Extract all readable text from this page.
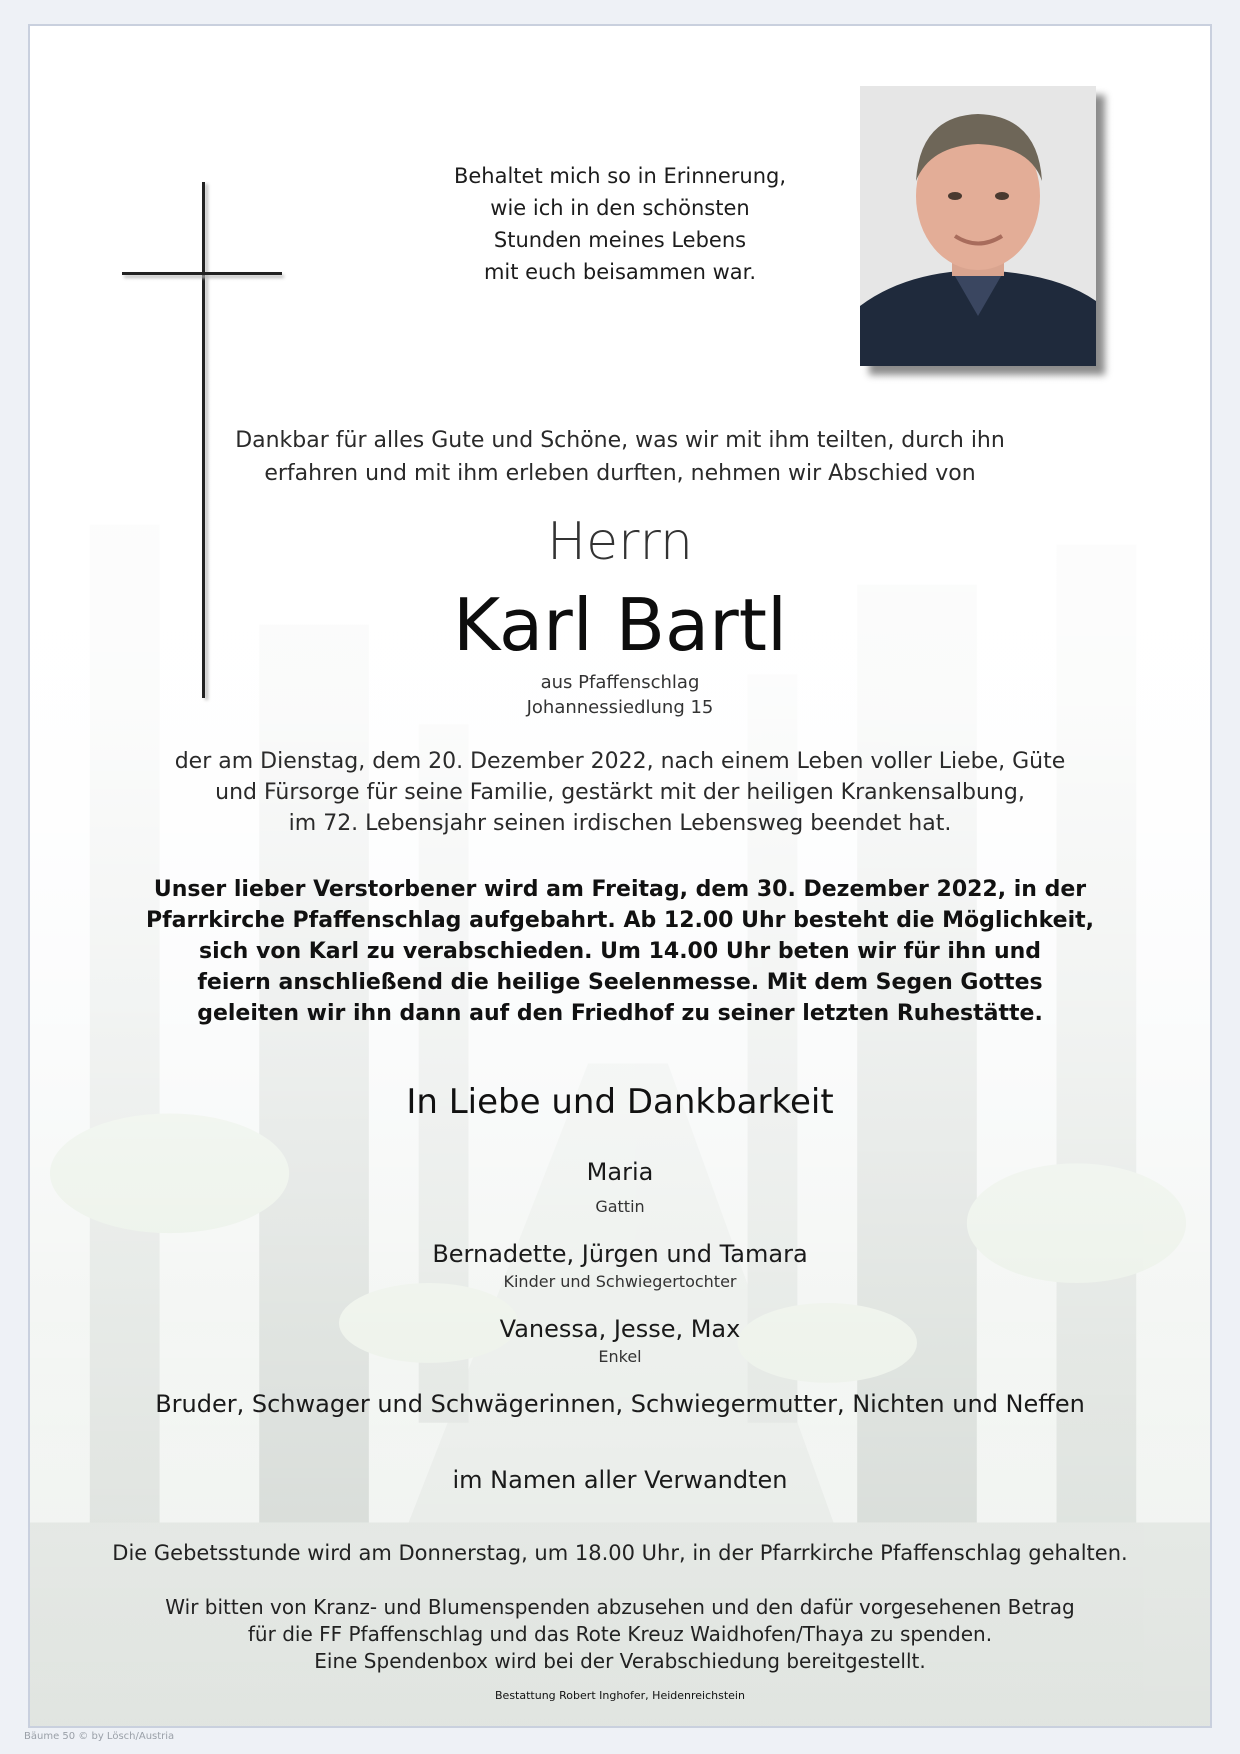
Behaltet mich so in Erinnerung,
wie ich in den schönsten
Stunden meines Lebens
mit euch beisammen war.
Dankbar für alles Gute und Schöne, was wir mit ihm teilten, durch ihn
erfahren und mit ihm erleben durften, nehmen wir Abschied von
Herrn
Karl Bartl
aus Pfaffenschlag
Johannessiedlung 15
der am Dienstag, dem 20. Dezember 2022, nach einem Leben voller Liebe, Güte
und Fürsorge für seine Familie, gestärkt mit der heiligen Krankensalbung,
im 72. Lebensjahr seinen irdischen Lebensweg beendet hat.
Unser lieber Verstorbener wird am Freitag, dem 30. Dezember 2022, in der
Pfarrkirche Pfaffenschlag aufgebahrt. Ab 12.00 Uhr besteht die Möglichkeit,
sich von Karl zu verabschieden. Um 14.00 Uhr beten wir für ihn und
feiern anschließend die heilige Seelenmesse. Mit dem Segen Gottes
geleiten wir ihn dann auf den Friedhof zu seiner letzten Ruhestätte.
In Liebe und Dankbarkeit
Maria
Gattin
Bernadette, Jürgen und Tamara
Kinder und Schwiegertochter
Vanessa, Jesse, Max
Enkel
Bruder, Schwager und Schwägerinnen, Schwiegermutter, Nichten und Neffen
im Namen aller Verwandten
Die Gebetsstunde wird am Donnerstag, um 18.00 Uhr, in der Pfarrkirche Pfaffenschlag gehalten.
Wir bitten von Kranz- und Blumenspenden abzusehen und den dafür vorgesehenen Betrag
für die FF Pfaffenschlag und das Rote Kreuz Waidhofen/Thaya zu spenden.
Eine Spendenbox wird bei der Verabschiedung bereitgestellt.
Bestattung Robert Inghofer, Heidenreichstein
Bäume 50 © by Lösch/Austria
